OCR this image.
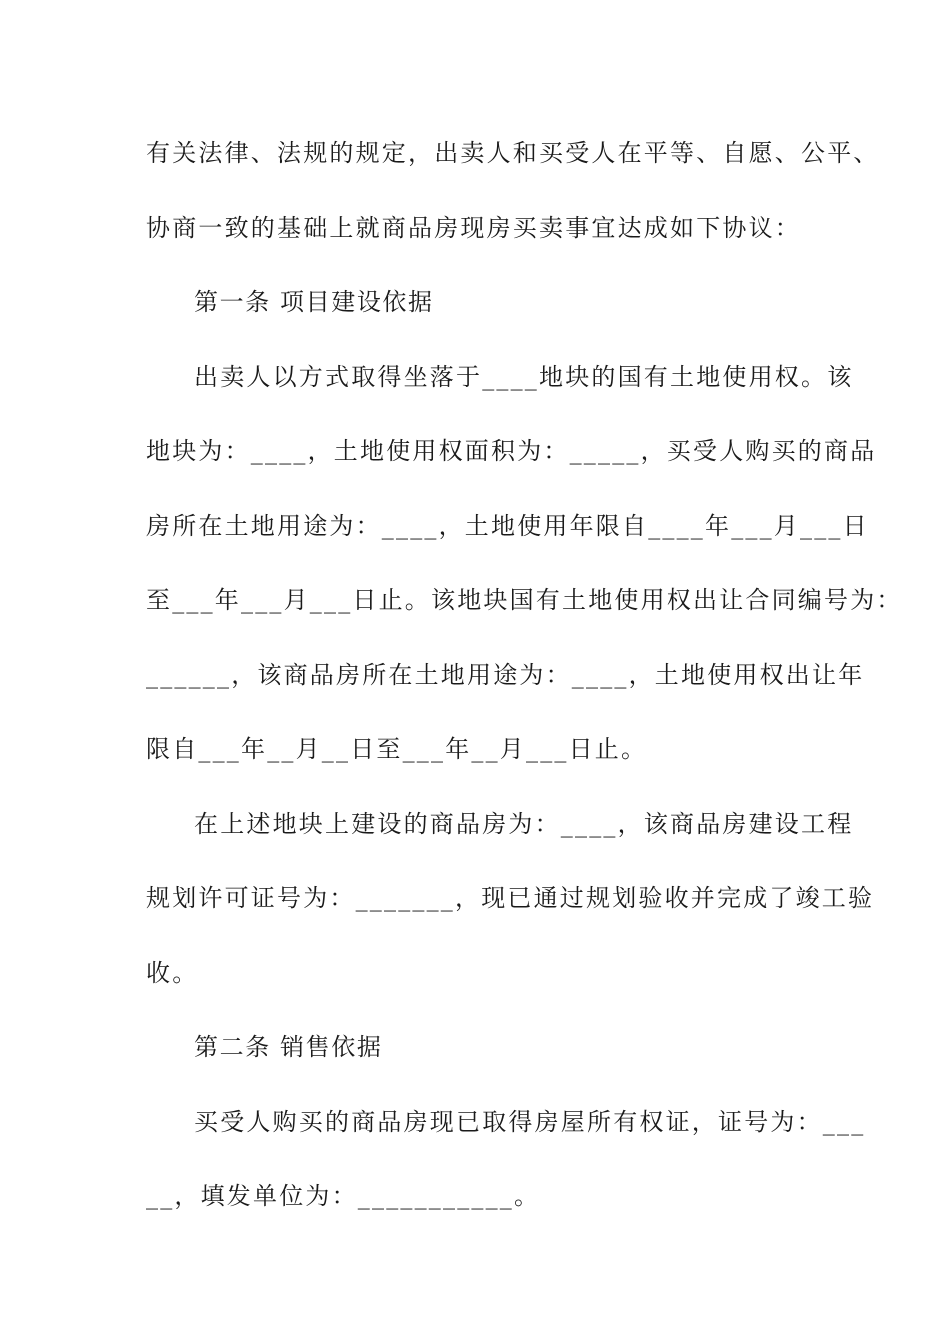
有关法律、法规的规定，出卖人和买受人在平等、自愿、公平、
协商一致的基础上就商品房现房买卖事宜达成如下协议：
第一条 项目建设依据
出卖人以方式取得坐落于____地块的国有土地使用权。该
地块为：____，土地使用权面积为：_____，买受人购买的商品
房所在土地用途为：____，土地使用年限自____年___月___日
至___年___月___日止。该地块国有土地使用权出让合同编号为：
______，该商品房所在土地用途为：____，土地使用权出让年
限自___年__月__日至___年__月___日止。
在上述地块上建设的商品房为：____，该商品房建设工程
规划许可证号为：_______，现已通过规划验收并完成了竣工验
收。
第二条 销售依据
买受人购买的商品房现已取得房屋所有权证，证号为：___
__，填发单位为：___________。
